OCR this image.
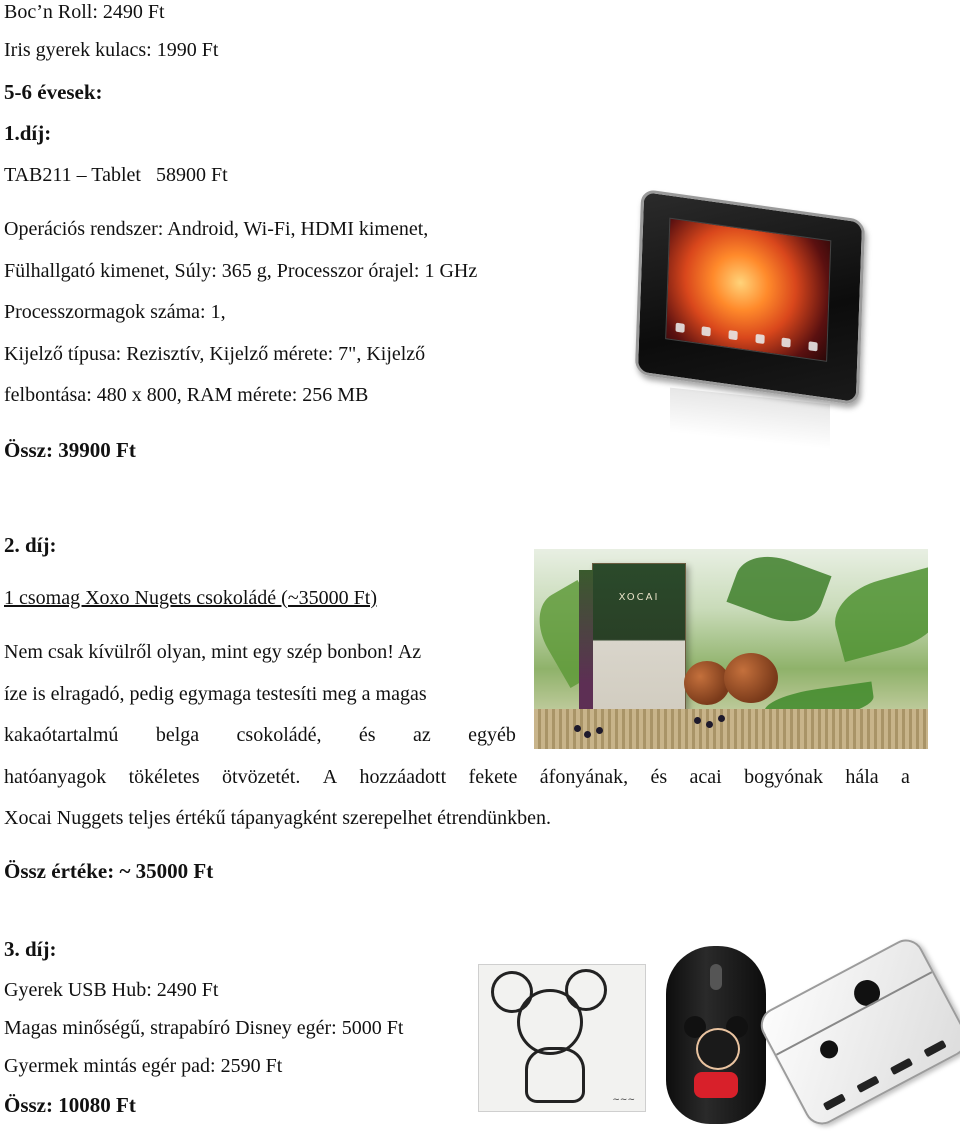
Boc’n Roll: 2490 Ft
Iris gyerek kulacs: 1990 Ft
5-6 évesek:
1.díj:
TAB211 – Tablet   58900 Ft
Operációs rendszer: Android, Wi-Fi, HDMI kimenet,
Fülhallgató kimenet, Súly: 365 g, Processzor órajel: 1 GHz
Processzormagok száma: 1,
Kijelző típusa: Rezisztív, Kijelző mérete: 7", Kijelző
felbontása: 480 x 800, RAM mérete: 256 MB
Össz: 39900 Ft
2. díj:
1 csomag Xoxo Nugets csokoládé (~35000 Ft)
Nem csak kívülről olyan, mint egy szép bonbon! Az
íze is elragadó, pedig egymaga testesíti meg a magas
kakaótartalmú belga csokoládé, és az egyéb
hatóanyagok tökéletes ötvözetét. A hozzáadott fekete áfonyának, és acai bogyónak hála a
Xocai Nuggets teljes értékű tápanyagként szerepelhet étrendünkben.
Össz értéke: ~ 35000 Ft
XOCAI
3. díj:
Gyerek USB Hub: 2490 Ft
Magas minőségű, strapabíró Disney egér: 5000 Ft
Gyermek mintás egér pad: 2590 Ft
Össz: 10080 Ft	~~~
